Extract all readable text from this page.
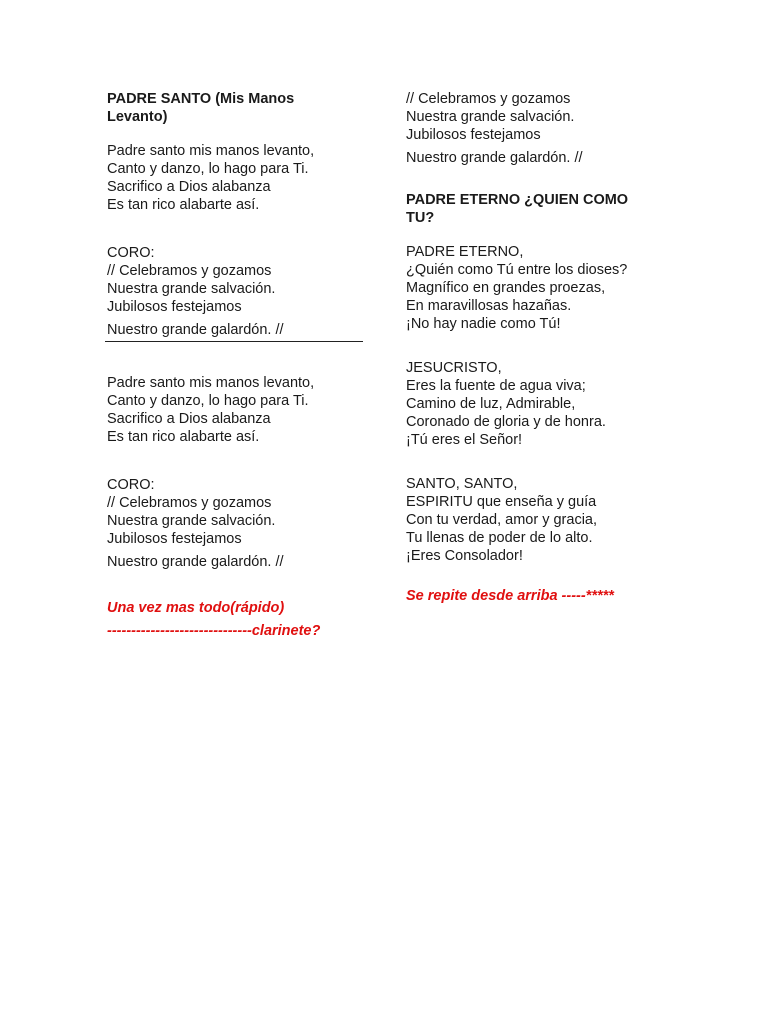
PADRE SANTO (Mis Manos
Levanto)
Padre santo mis manos levanto,
Canto y danzo, lo hago para Ti.
Sacrifico a Dios alabanza
Es tan rico alabarte así.
CORO:
// Celebramos y gozamos
Nuestra grande salvación.
Jubilosos festejamos
Nuestro grande galardón. //
Padre santo mis manos levanto,
Canto y danzo, lo hago para Ti.
Sacrifico a Dios alabanza
Es tan rico alabarte así.
CORO:
// Celebramos y gozamos
Nuestra grande salvación.
Jubilosos festejamos
Nuestro grande galardón. //
Una vez mas todo(rápido)
------------------------------clarinete?
// Celebramos y gozamos
Nuestra grande salvación.
Jubilosos festejamos
Nuestro grande galardón. //
PADRE ETERNO ¿QUIEN COMO
TU?
PADRE ETERNO,
¿Quién como Tú entre los dioses?
Magnífico en grandes proezas,
En maravillosas hazañas.
¡No hay nadie como Tú!
JESUCRISTO,
Eres la fuente de agua viva;
Camino de luz, Admirable,
Coronado de gloria y de honra.
¡Tú eres el Señor!
SANTO, SANTO,
ESPIRITU que enseña y guía
Con tu verdad, amor y gracia,
Tu llenas de poder de lo alto.
¡Eres Consolador!
Se repite desde arriba -----*****
